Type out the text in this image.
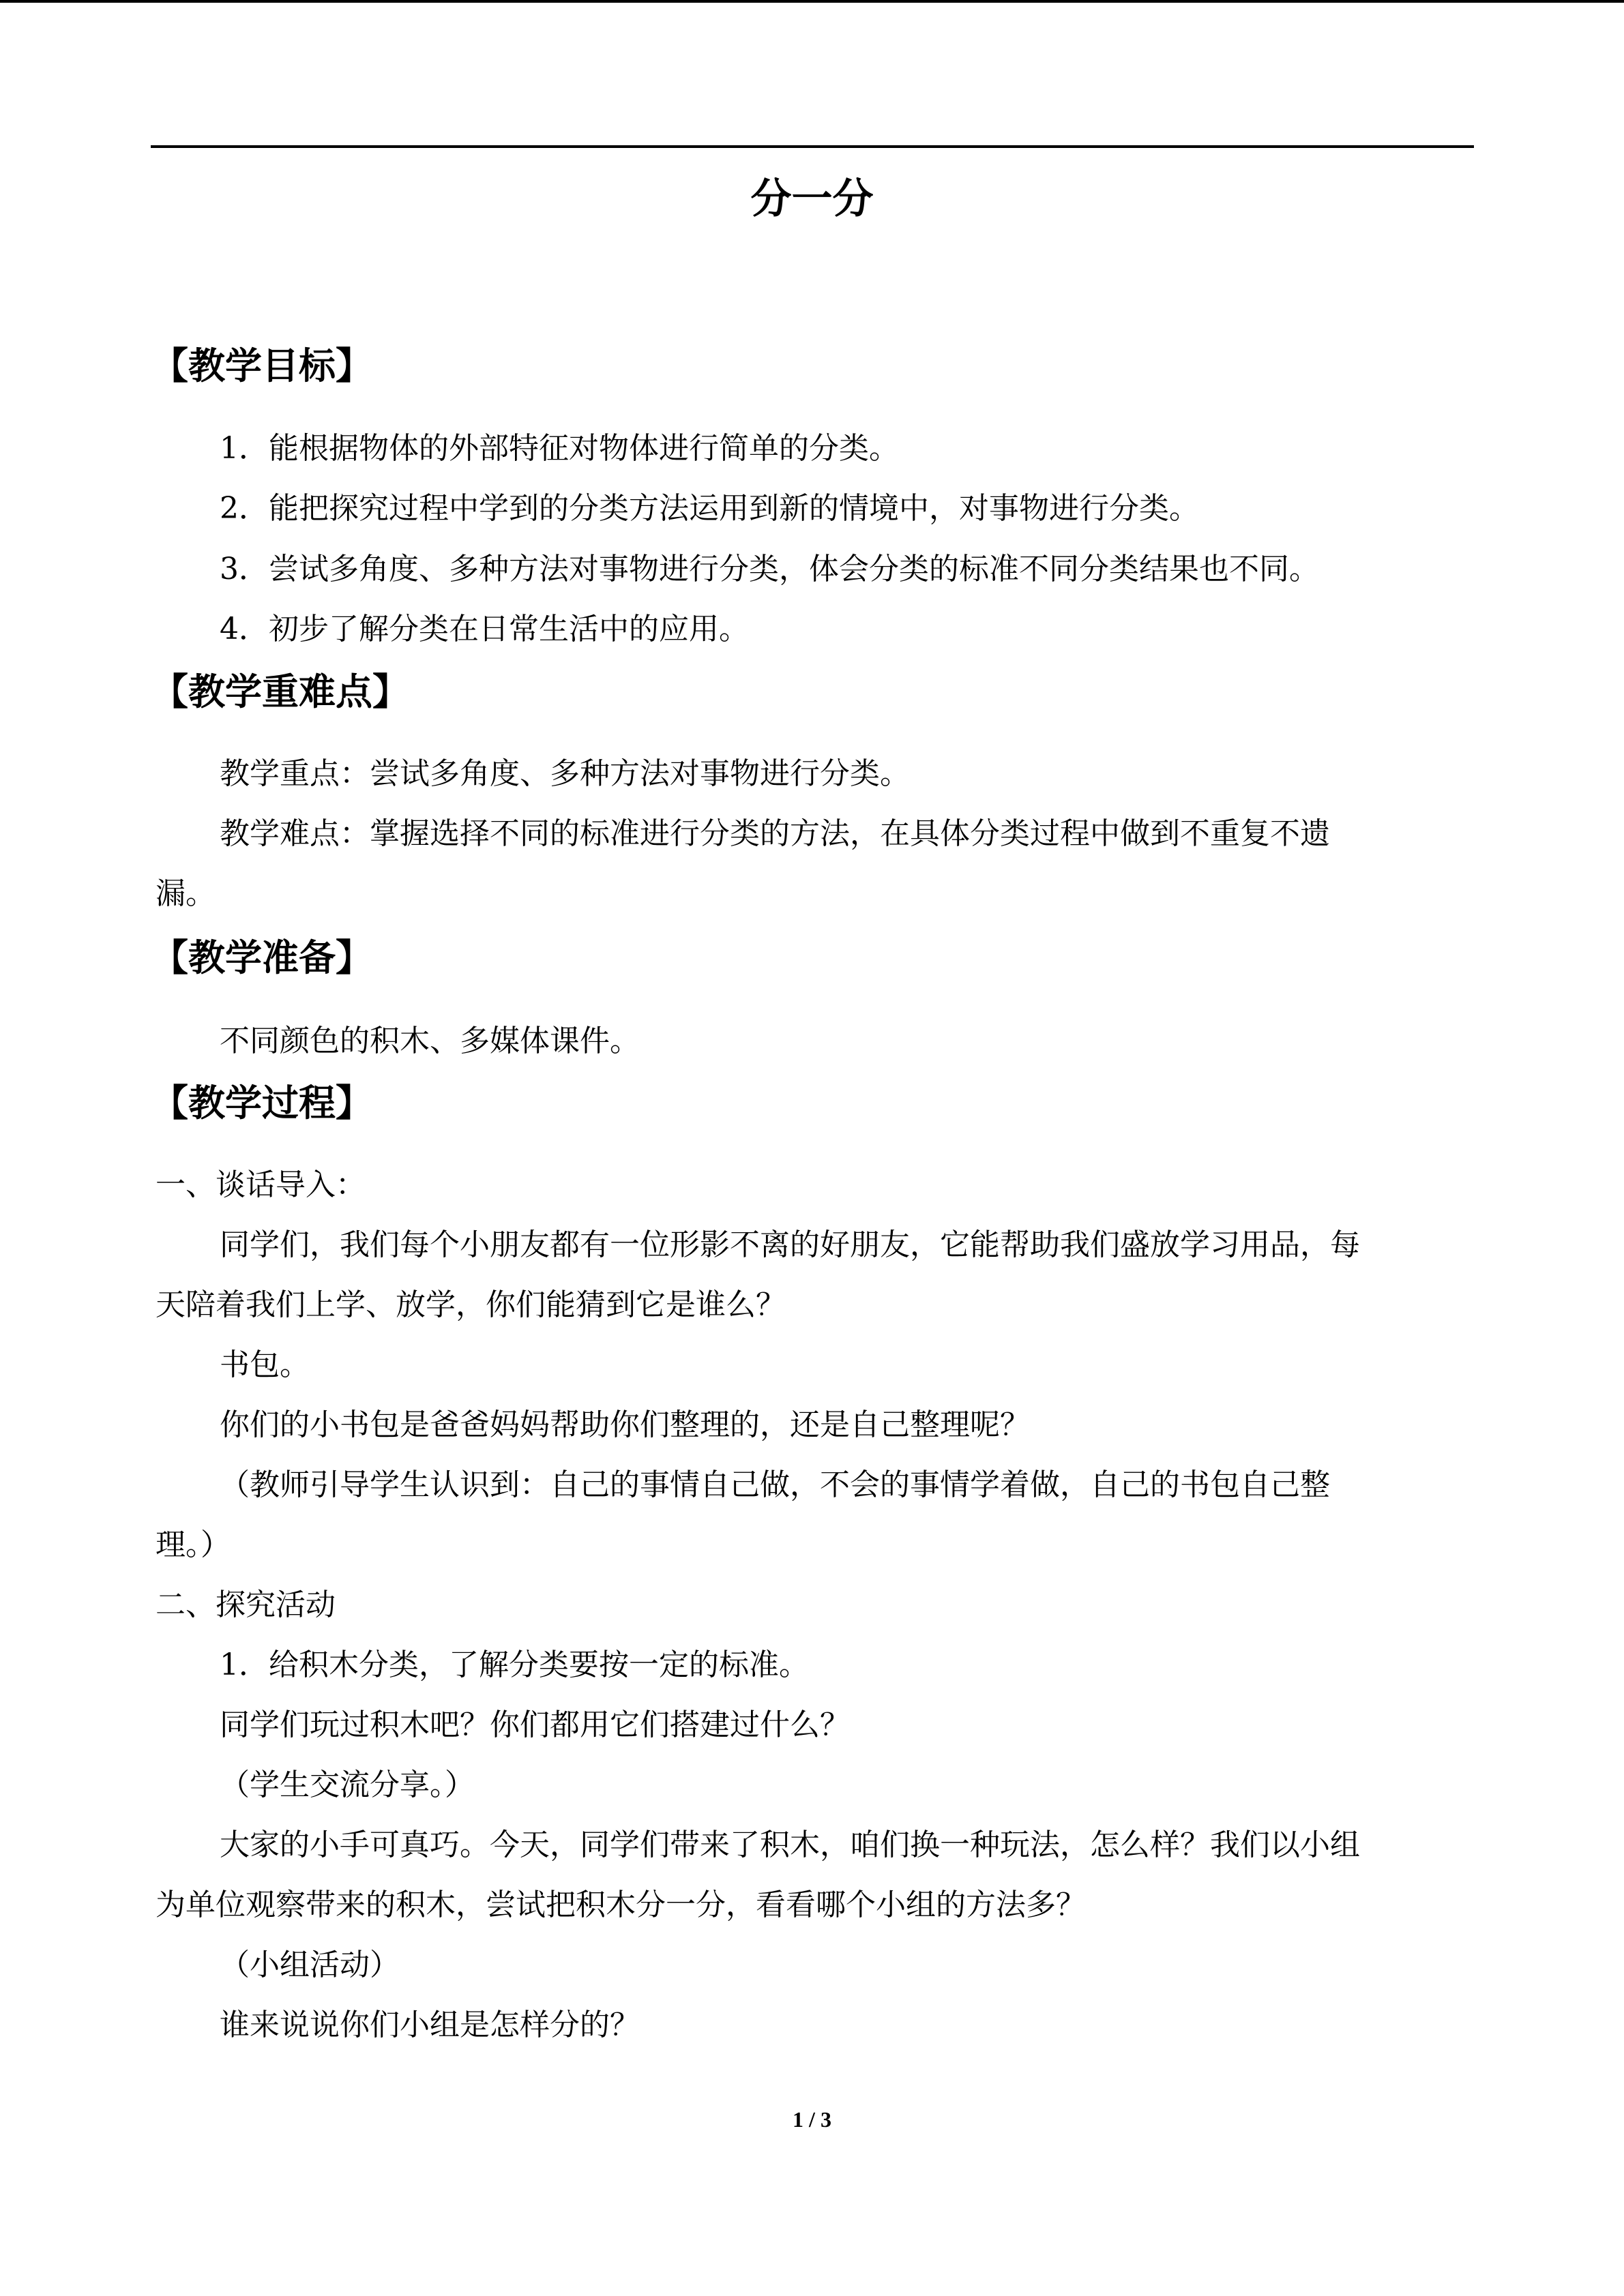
分一分
【教学目标】
1．能根据物体的外部特征对物体进行简单的分类。
2．能把探究过程中学到的分类方法运用到新的情境中，对事物进行分类。
3．尝试多角度、多种方法对事物进行分类，体会分类的标准不同分类结果也不同。
4．初步了解分类在日常生活中的应用。
【教学重难点】
教学重点：尝试多角度、多种方法对事物进行分类。
教学难点：掌握选择不同的标准进行分类的方法，在具体分类过程中做到不重复不遗
漏。
【教学准备】
不同颜色的积木、多媒体课件。
【教学过程】
一、谈话导入：
同学们，我们每个小朋友都有一位形影不离的好朋友，它能帮助我们盛放学习用品，每
天陪着我们上学、放学，你们能猜到它是谁么？
书包。
你们的小书包是爸爸妈妈帮助你们整理的，还是自己整理呢？
（教师引导学生认识到：自己的事情自己做，不会的事情学着做，自己的书包自己整
理。）
二、探究活动
1．给积木分类，了解分类要按一定的标准。
同学们玩过积木吧？你们都用它们搭建过什么？
（学生交流分享。）
大家的小手可真巧。今天，同学们带来了积木，咱们换一种玩法，怎么样？我们以小组
为单位观察带来的积木，尝试把积木分一分，看看哪个小组的方法多？
（小组活动）
谁来说说你们小组是怎样分的？
1 / 3
